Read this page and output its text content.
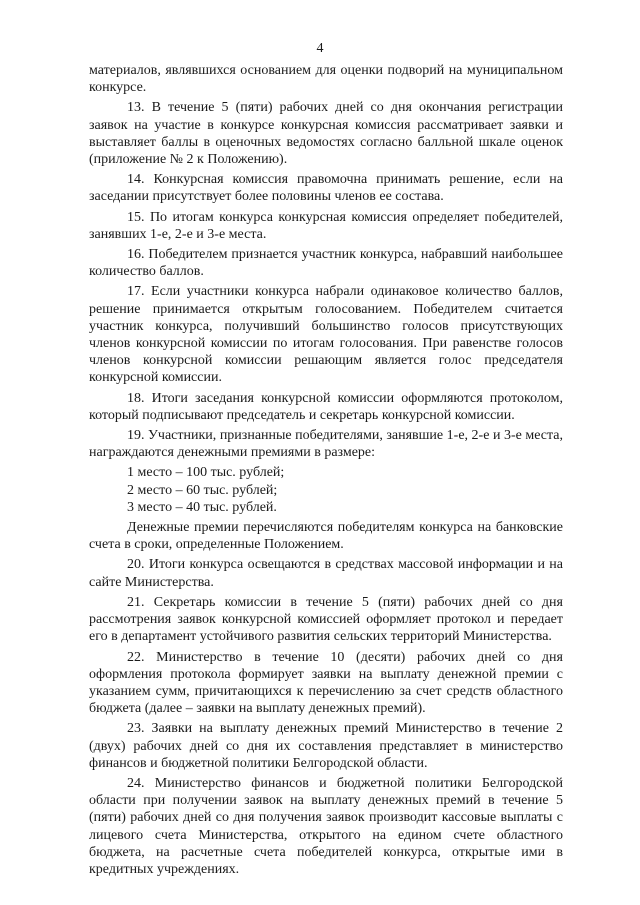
4

материалов, являвшихся основанием для оценки подворий на муниципальном конкурсе.

13. В течение 5 (пяти) рабочих дней со дня окончания регистрации заявок на участие в конкурсе конкурсная комиссия рассматривает заявки и выставляет баллы в оценочных ведомостях согласно балльной шкале оценок (приложение № 2 к Положению).

14. Конкурсная комиссия правомочна принимать решение, если на заседании присутствует более половины членов ее состава.

15. По итогам конкурса конкурсная комиссия определяет победителей, занявших 1-е, 2-е и 3-е места.

16. Победителем признается участник конкурса, набравший наибольшее количество баллов.

17. Если участники конкурса набрали одинаковое количество баллов, решение принимается открытым голосованием. Победителем считается участник конкурса, получивший большинство голосов присутствующих членов конкурсной комиссии по итогам голосования. При равенстве голосов членов конкурсной комиссии решающим является голос председателя конкурсной комиссии.

18. Итоги заседания конкурсной комиссии оформляются протоколом, который подписывают председатель и секретарь конкурсной комиссии.

19. Участники, признанные победителями, занявшие 1-е, 2-е и 3-е места, награждаются денежными премиями в размере:

1 место – 100 тыс. рублей;

2 место – 60 тыс. рублей;

3 место – 40 тыс. рублей.

Денежные премии перечисляются победителям конкурса на банковские счета в сроки, определенные Положением.

20. Итоги конкурса освещаются в средствах массовой информации и на сайте Министерства.

21. Секретарь комиссии в течение 5 (пяти) рабочих дней со дня рассмотрения заявок конкурсной комиссией оформляет протокол и передает его в департамент устойчивого развития сельских территорий Министерства.

22. Министерство в течение 10 (десяти) рабочих дней со дня оформления протокола формирует заявки на выплату денежной премии с указанием сумм, причитающихся к перечислению за счет средств областного бюджета (далее – заявки на выплату денежных премий).

23. Заявки на выплату денежных премий Министерство в течение 2 (двух) рабочих дней со дня их составления представляет в министерство финансов и бюджетной политики Белгородской области.

24. Министерство финансов и бюджетной политики Белгородской области при получении заявок на выплату денежных премий в течение 5 (пяти) рабочих дней со дня получения заявок производит кассовые выплаты с лицевого счета Министерства, открытого на едином счете областного бюджета, на расчетные счета победителей конкурса, открытые ими в кредитных учреждениях.
